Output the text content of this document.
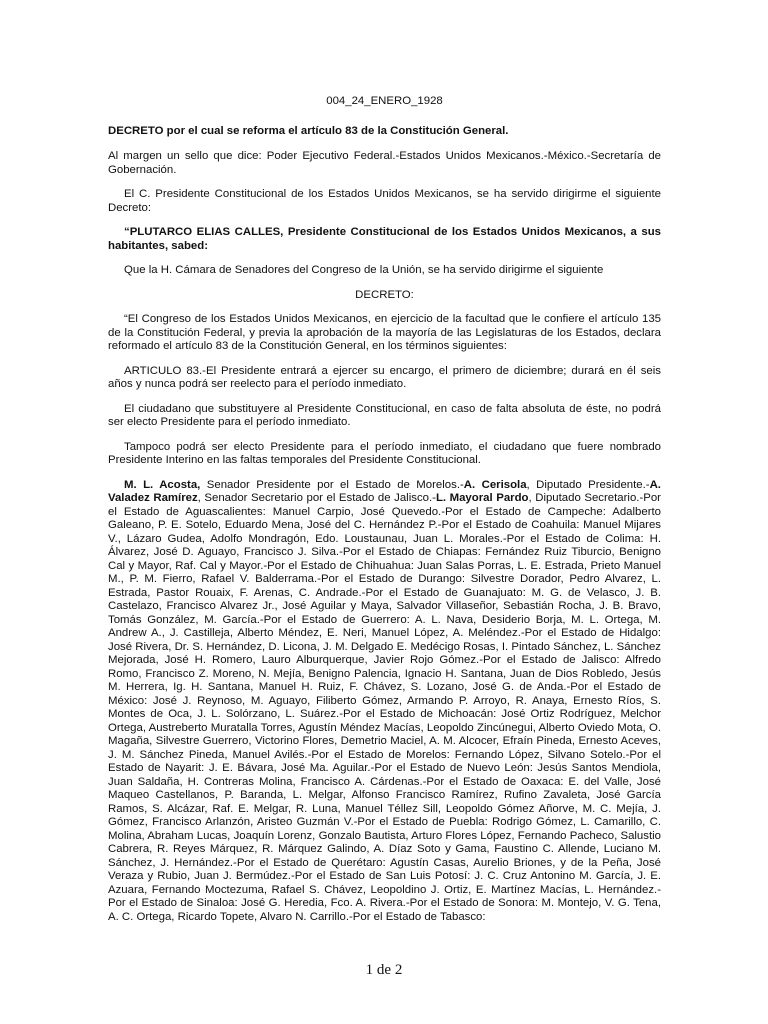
004_24_ENERO_1928

DECRETO por el cual se reforma el artículo 83 de la Constitución General.

Al margen un sello que dice: Poder Ejecutivo Federal.-Estados Unidos Mexicanos.-México.-Secretaría de Gobernación.

El C. Presidente Constitucional de los Estados Unidos Mexicanos, se ha servido dirigirme el siguiente Decreto:

“PLUTARCO ELIAS CALLES, Presidente Constitucional de los Estados Unidos Mexicanos, a sus habitantes, sabed:

Que la H. Cámara de Senadores del Congreso de la Unión, se ha servido dirigirme el siguiente

DECRETO:

“El Congreso de los Estados Unidos Mexicanos, en ejercicio de la facultad que le confiere el artículo 135 de la Constitución Federal, y previa la aprobación de la mayoría de las Legislaturas de los Estados, declara reformado el artículo 83 de la Constitución General, en los términos siguientes:

ARTICULO 83.-El Presidente entrará a ejercer su encargo, el primero de diciembre; durará en él seis años y nunca podrá ser reelecto para el período inmediato.

El ciudadano que substituyere al Presidente Constitucional, en caso de falta absoluta de éste, no podrá ser electo Presidente para el período inmediato.

Tampoco podrá ser electo Presidente para el período inmediato, el ciudadano que fuere nombrado Presidente Interino en las faltas temporales del Presidente Constitucional.

M. L. Acosta, Senador Presidente por el Estado de Morelos.-A. Cerisola, Diputado Presidente.-A. Valadez Ramírez, Senador Secretario por el Estado de Jalisco.-L. Mayoral Pardo, Diputado Secretario.-Por el Estado de Aguascalientes: Manuel Carpio, José Quevedo.-Por el Estado de Campeche: Adalberto Galeano, P. E. Sotelo, Eduardo Mena, José del C. Hernández P.-Por el Estado de Coahuila: Manuel Mijares V., Lázaro Gudea, Adolfo Mondragón, Edo. Loustaunau, Juan L. Morales.-Por el Estado de Colima: H. Álvarez, José D. Aguayo, Francisco J. Silva.-Por el Estado de Chiapas: Fernández Ruiz Tiburcio, Benigno Cal y Mayor, Raf. Cal y Mayor.-Por el Estado de Chihuahua: Juan Salas Porras, L. E. Estrada, Prieto Manuel M., P. M. Fierro, Rafael V. Balderrama.-Por el Estado de Durango: Silvestre Dorador, Pedro Alvarez, L. Estrada, Pastor Rouaix, F. Arenas, C. Andrade.-Por el Estado de Guanajuato: M. G. de Velasco, J. B. Castelazo, Francisco Alvarez Jr., José Aguilar y Maya, Salvador Villaseñor, Sebastián Rocha, J. B. Bravo, Tomás González, M. García.-Por el Estado de Guerrero: A. L. Nava, Desiderio Borja, M. L. Ortega, M. Andrew A., J. Castilleja, Alberto Méndez, E. Neri, Manuel López, A. Meléndez.-Por el Estado de Hidalgo: José Rivera, Dr. S. Hernández, D. Licona, J. M. Delgado E. Medécigo Rosas, I. Pintado Sánchez, L. Sánchez Mejorada, José H. Romero, Lauro Alburquerque, Javier Rojo Gómez.-Por el Estado de Jalisco: Alfredo Romo, Francisco Z. Moreno, N. Mejía, Benigno Palencia, Ignacio H. Santana, Juan de Dios Robledo, Jesús M. Herrera, Ig. H. Santana, Manuel H. Ruiz, F. Chávez, S. Lozano, José G. de Anda.-Por el Estado de México: José J. Reynoso, M. Aguayo, Filiberto Gómez, Armando P. Arroyo, R. Anaya, Ernesto Ríos, S. Montes de Oca, J. L. Solórzano, L. Suárez.-Por el Estado de Michoacán: José Ortiz Rodríguez, Melchor Ortega, Austreberto Muratalla Torres, Agustín Méndez Macías, Leopoldo Zincúnegui, Alberto Oviedo Mota, O. Magaña, Silvestre Guerrero, Victorino Flores, Demetrio Maciel, A. M. Alcocer, Efraín Pineda, Ernesto Aceves, J. M. Sánchez Pineda, Manuel Avilés.-Por el Estado de Morelos: Fernando López, Silvano Sotelo.-Por el Estado de Nayarit: J. E. Bávara, José Ma. Aguilar.-Por el Estado de Nuevo León: Jesús Santos Mendiola, Juan Saldaña, H. Contreras Molina, Francisco A. Cárdenas.-Por el Estado de Oaxaca: E. del Valle, José Maqueo Castellanos, P. Baranda, L. Melgar, Alfonso Francisco Ramírez, Rufino Zavaleta, José García Ramos, S. Alcázar, Raf. E. Melgar, R. Luna, Manuel Téllez Sill, Leopoldo Gómez Añorve, M. C. Mejía, J. Gómez, Francisco Arlanzón, Aristeo Guzmán V.-Por el Estado de Puebla: Rodrigo Gómez, L. Camarillo, C. Molina, Abraham Lucas, Joaquín Lorenz, Gonzalo Bautista, Arturo Flores López, Fernando Pacheco, Salustio Cabrera, R. Reyes Márquez, R. Márquez Galindo, A. Díaz Soto y Gama, Faustino C. Allende, Luciano M. Sánchez, J. Hernández.-Por el Estado de Querétaro: Agustín Casas, Aurelio Briones, y de la Peña, José Veraza y Rubio, Juan J. Bermúdez.-Por el Estado de San Luis Potosí: J. C. Cruz Antonino M. García, J. E. Azuara, Fernando Moctezuma, Rafael S. Chávez, Leopoldino J. Ortiz, E. Martínez Macías, L. Hernández.-Por el Estado de Sinaloa: José G. Heredia, Fco. A. Rivera.-Por el Estado de Sonora: M. Montejo, V. G. Tena, A. C. Ortega, Ricardo Topete, Alvaro N. Carrillo.-Por el Estado de Tabasco:

1 de 2
